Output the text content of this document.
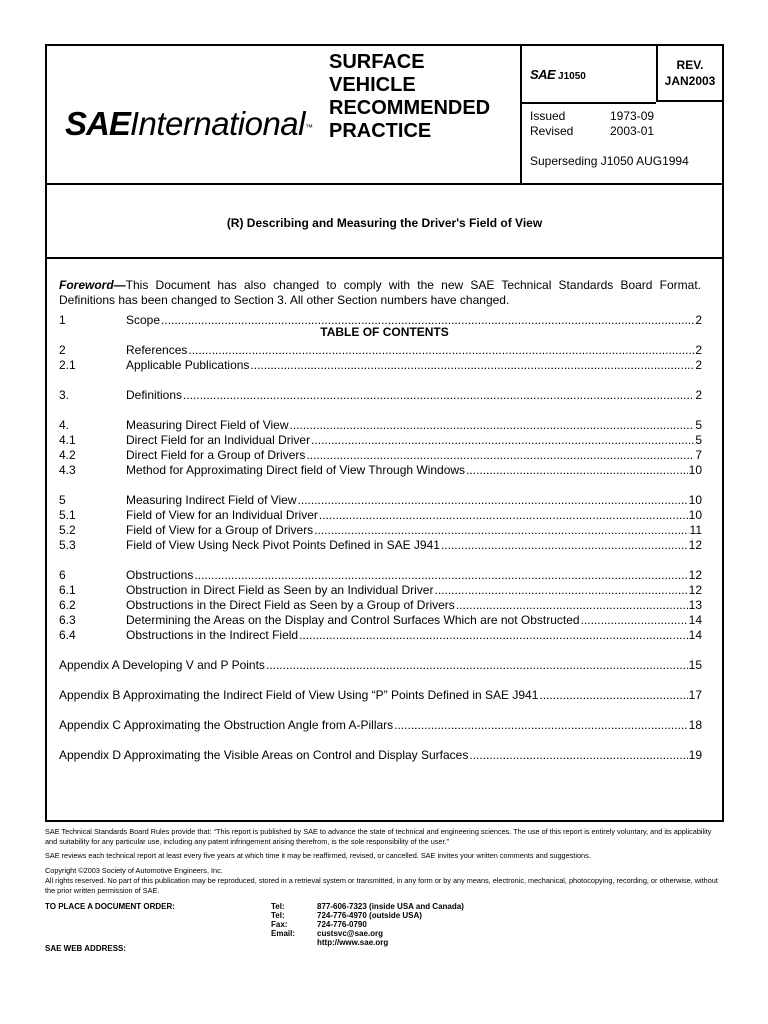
SAEInternational™
SURFACE
VEHICLE
RECOMMENDED
PRACTICE
SAE J1050
REV.
JAN2003
Issued	1973-09
Revised	2003-01
Superseding J1050 AUG1994
(R) Describing and Measuring the Driver's Field of View
Foreword—This Document has also changed to comply with the new SAE Technical Standards Board Format. Definitions has been changed to Section 3. All other Section numbers have changed.
TABLE OF CONTENTS
1	Scope .....	2
2	References .....	2
2.1	Applicable Publications .....	2
3.	Definitions .....	2
4.	Measuring Direct Field of View .....	5
4.1	Direct Field for an Individual Driver .....	5
4.2	Direct Field for a Group of Drivers .....	7
4.3	Method for Approximating Direct field of View Through Windows .....	10
5	Measuring Indirect Field of View .....	10
5.1	Field of View for an Individual Driver .....	10
5.2	Field of View for a Group of Drivers .....	11
5.3	Field of View Using Neck Pivot Points Defined in SAE J941 .....	12
6	Obstructions .....	12
6.1	Obstruction in Direct Field as Seen by an Individual Driver .....	12
6.2	Obstructions in the Direct Field as Seen by a Group of Drivers .....	13
6.3	Determining the Areas on the Display and Control Surfaces Which are not Obstructed .....	14
6.4	Obstructions in the Indirect Field .....	14
Appendix A Developing V and P Points .....	15
Appendix B Approximating the Indirect Field of View Using “P” Points Defined in SAE J941 .....	17
Appendix C Approximating the Obstruction Angle from A-Pillars .....	18
Appendix D Approximating the Visible Areas on Control and Display Surfaces .....	19
SAE Technical Standards Board Rules provide that: “This report is published by SAE to advance the state of technical and engineering sciences. The use of this report is entirely voluntary, and its applicability and suitability for any particular use, including any patent infringement arising therefrom, is the sole responsibility of the user.”
SAE reviews each technical report at least every five years at which time it may be reaffirmed, revised, or cancelled. SAE invites your written comments and suggestions.
Copyright ©2003 Society of Automotive Engineers, Inc.
All rights reserved. No part of this publication may be reproduced, stored in a retrieval system or transmitted, in any form or by any means, electronic, mechanical, photocopying, recording, or otherwise, without the prior written permission of SAE.
TO PLACE A DOCUMENT ORDER:	Tel:	877-606-7323 (inside USA and Canada)
Tel:	724-776-4970 (outside USA)
Fax:	724-776-0790
Email:	custsvc@sae.org
http://www.sae.org
SAE WEB ADDRESS:
